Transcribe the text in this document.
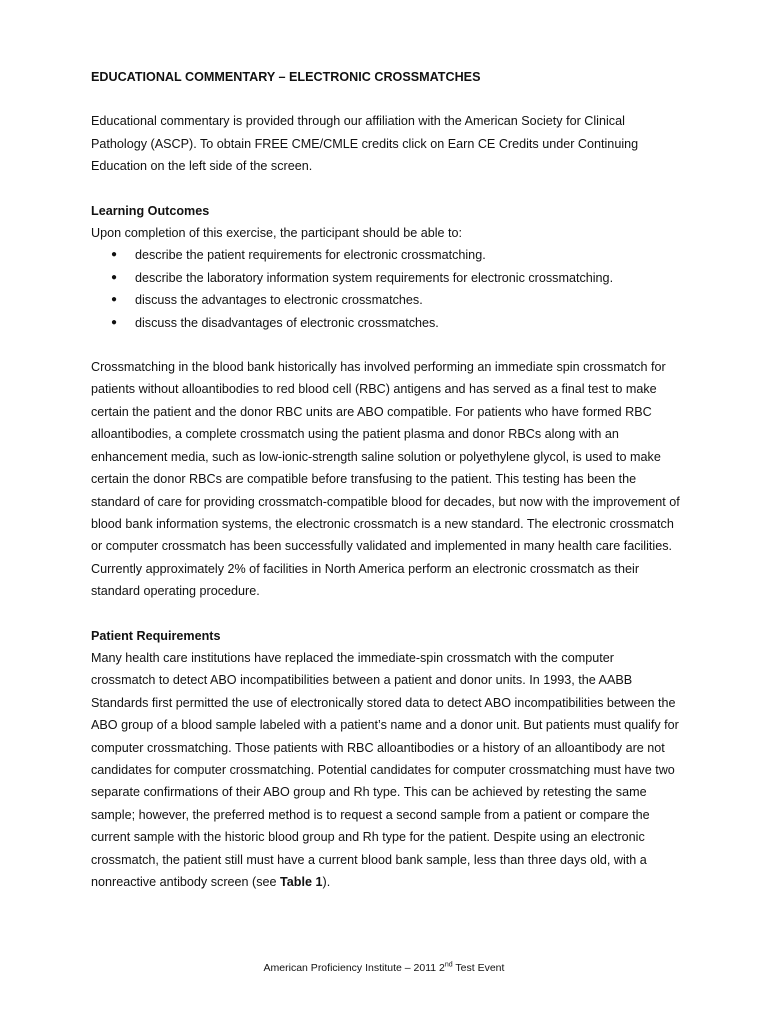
EDUCATIONAL COMMENTARY – ELECTRONIC CROSSMATCHES
Educational commentary is provided through our affiliation with the American Society for Clinical Pathology (ASCP). To obtain FREE CME/CMLE credits click on Earn CE Credits under Continuing Education on the left side of the screen.
Learning Outcomes
Upon completion of this exercise, the participant should be able to:
● describe the patient requirements for electronic crossmatching.
● describe the laboratory information system requirements for electronic crossmatching.
● discuss the advantages to electronic crossmatches.
● discuss the disadvantages of electronic crossmatches.
Crossmatching in the blood bank historically has involved performing an immediate spin crossmatch for patients without alloantibodies to red blood cell (RBC) antigens and has served as a final test to make certain the patient and the donor RBC units are ABO compatible. For patients who have formed RBC alloantibodies, a complete crossmatch using the patient plasma and donor RBCs along with an enhancement media, such as low-ionic-strength saline solution or polyethylene glycol, is used to make certain the donor RBCs are compatible before transfusing to the patient. This testing has been the standard of care for providing crossmatch-compatible blood for decades, but now with the improvement of blood bank information systems, the electronic crossmatch is a new standard. The electronic crossmatch or computer crossmatch has been successfully validated and implemented in many health care facilities. Currently approximately 2% of facilities in North America perform an electronic crossmatch as their standard operating procedure.
Patient Requirements
Many health care institutions have replaced the immediate-spin crossmatch with the computer crossmatch to detect ABO incompatibilities between a patient and donor units. In 1993, the AABB Standards first permitted the use of electronically stored data to detect ABO incompatibilities between the ABO group of a blood sample labeled with a patient’s name and a donor unit. But patients must qualify for computer crossmatching. Those patients with RBC alloantibodies or a history of an alloantibody are not candidates for computer crossmatching. Potential candidates for computer crossmatching must have two separate confirmations of their ABO group and Rh type. This can be achieved by retesting the same sample; however, the preferred method is to request a second sample from a patient or compare the current sample with the historic blood group and Rh type for the patient. Despite using an electronic crossmatch, the patient still must have a current blood bank sample, less than three days old, with a nonreactive antibody screen (see Table 1).
American Proficiency Institute – 2011 2nd Test Event
